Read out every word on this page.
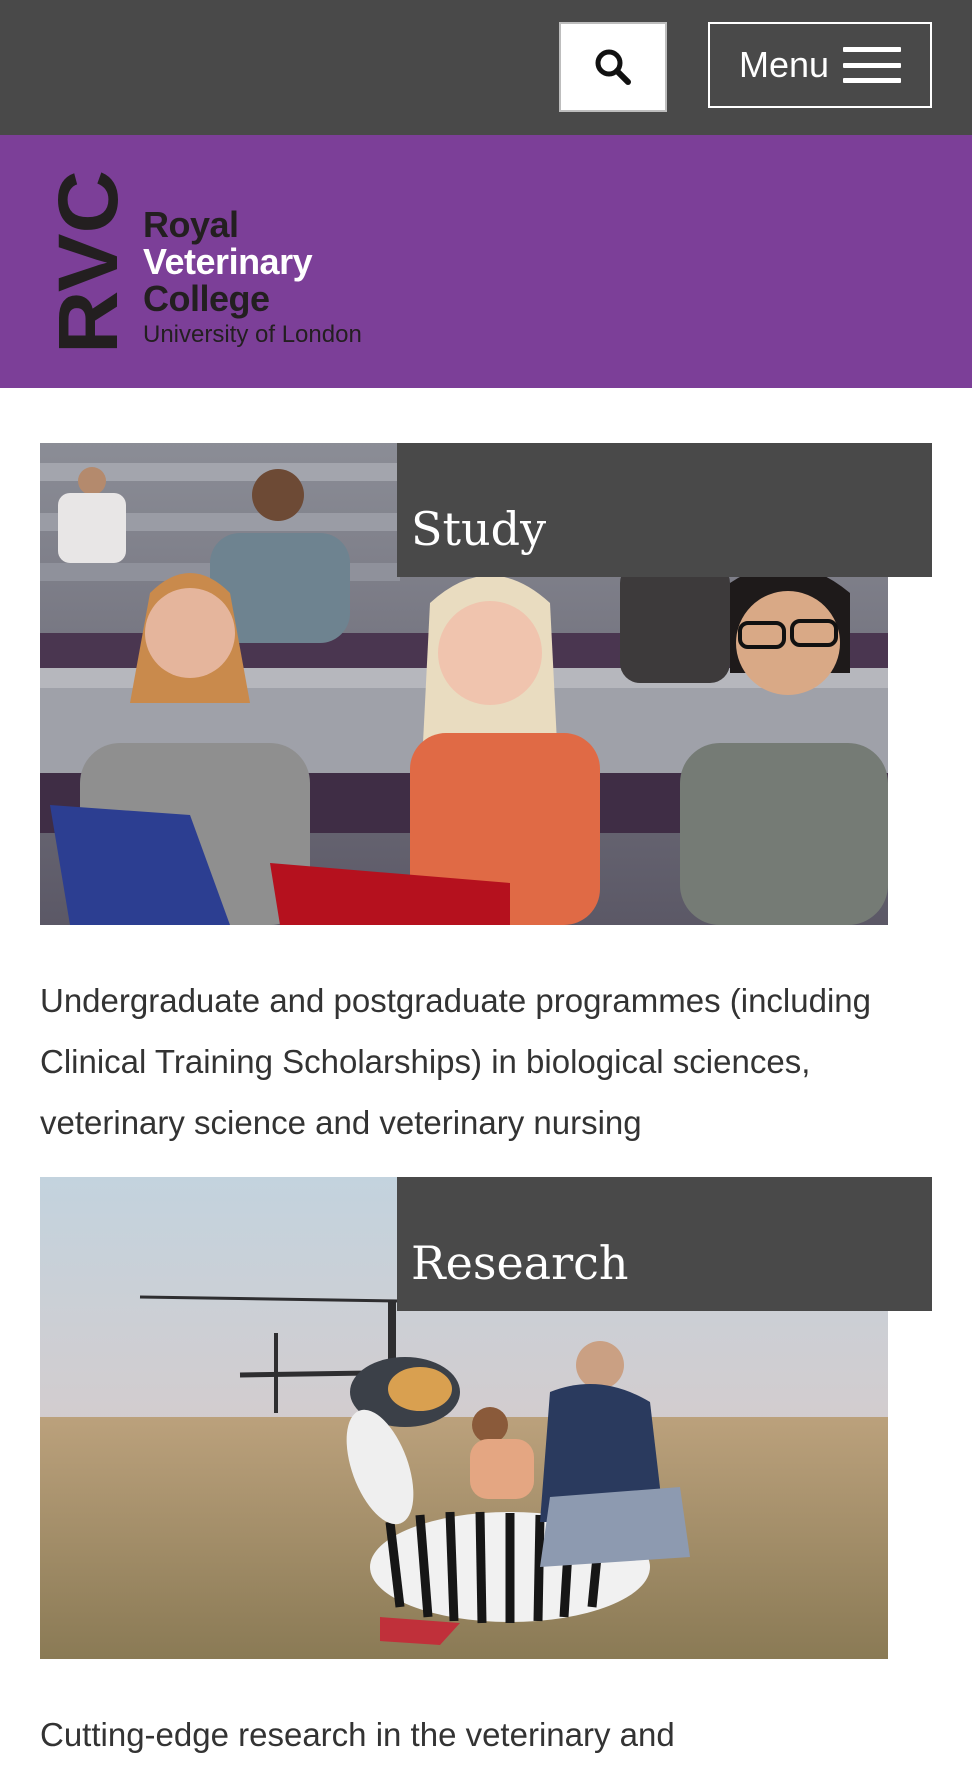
Menu
RVC Royal
Veterinary
College
University of London
Study

Undergraduate and postgraduate programmes (including Clinical Training Scholarships) in biological sciences, veterinary science and veterinary nursing

Research

Cutting-edge research in the veterinary and
